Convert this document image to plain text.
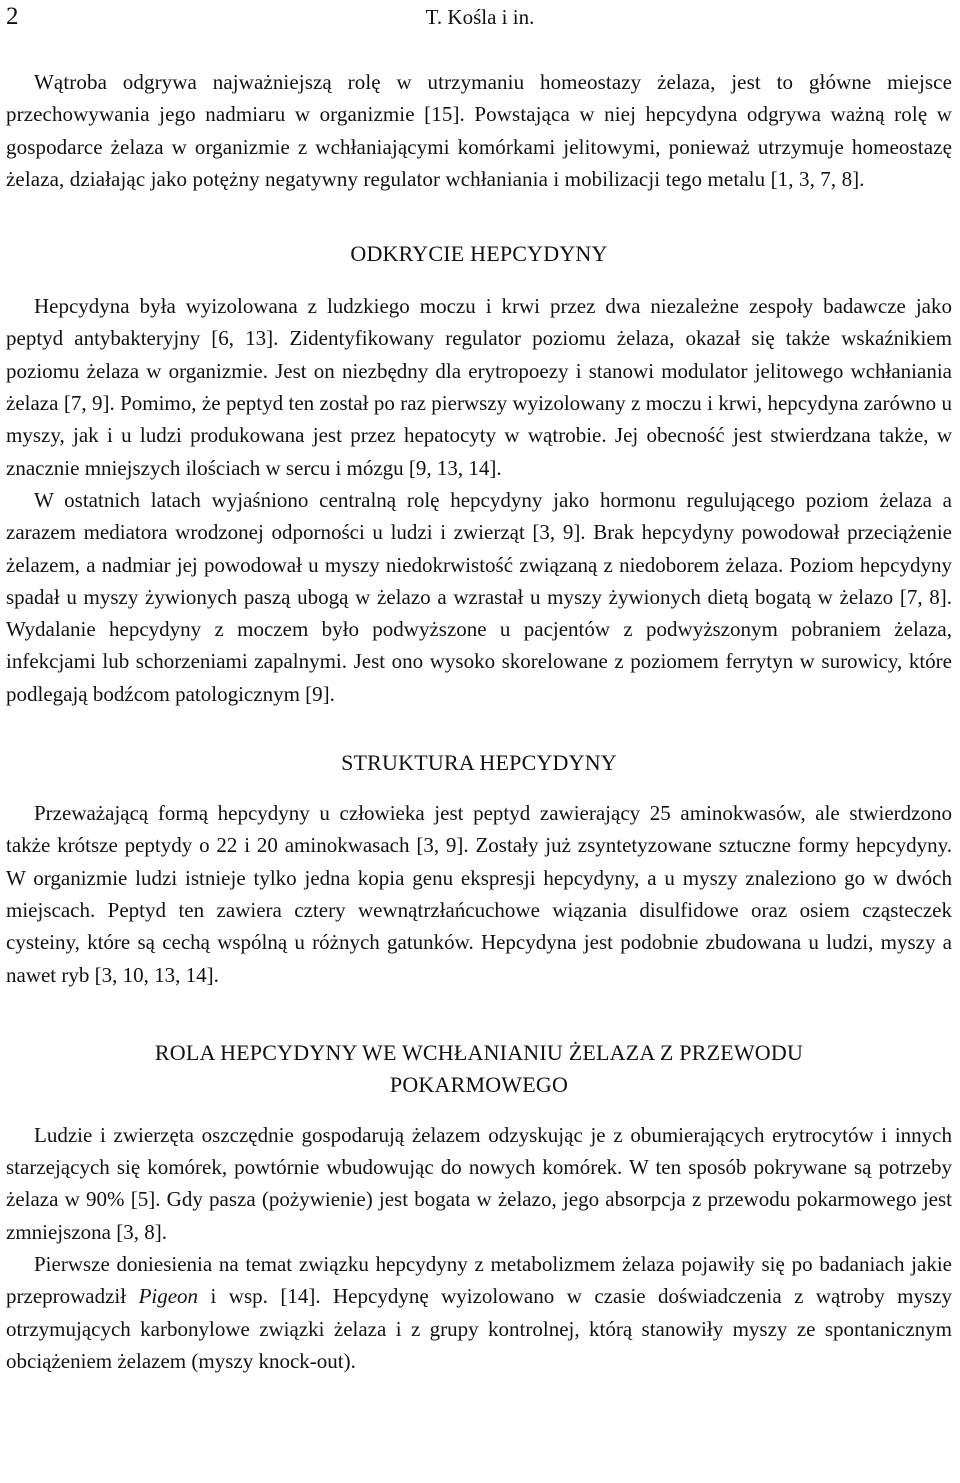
2	T. Kośla i in.

Wątroba odgrywa najważniejszą rolę w utrzymaniu homeostazy żelaza, jest to główne miejsce przechowywania jego nadmiaru w organizmie [15]. Powstająca w niej hepcydyna odgrywa ważną rolę w gospodarce żelaza w organizmie z wchłaniającymi komórkami jelitowymi, ponieważ utrzymuje homeostazę żelaza, działając jako potężny negatywny regulator wchłaniania i mobilizacji tego metalu [1, 3, 7, 8].

ODKRYCIE HEPCYDYNY

Hepcydyna była wyizolowana z ludzkiego moczu i krwi przez dwa niezależne zespoły badawcze jako peptyd antybakteryjny [6, 13]. Zidentyfikowany regulator poziomu żelaza, okazał się także wskaźnikiem poziomu żelaza w organizmie. Jest on niezbędny dla erytropoezy i stanowi modulator jelitowego wchłaniania żelaza [7, 9]. Pomimo, że peptyd ten został po raz pierwszy wyizolowany z moczu i krwi, hepcydyna zarówno u myszy, jak i u ludzi produkowana jest przez hepatocyty w wątrobie. Jej obecność jest stwierdzana także, w znacznie mniejszych ilościach w sercu i mózgu [9, 13, 14].

W ostatnich latach wyjaśniono centralną rolę hepcydyny jako hormonu regulującego poziom żelaza a zarazem mediatora wrodzonej odporności u ludzi i zwierząt [3, 9]. Brak hepcydyny powodował przeciążenie żelazem, a nadmiar jej powodował u myszy niedokrwistość związaną z niedoborem żelaza. Poziom hepcydyny spadał u myszy żywionych paszą ubogą w żelazo a wzrastał u myszy żywionych dietą bogatą w żelazo [7, 8]. Wydalanie hepcydyny z moczem było podwyższone u pacjentów z podwyższonym pobraniem żelaza, infekcjami lub schorzeniami zapalnymi. Jest ono wysoko skorelowane z poziomem ferrytyn w surowicy, które podlegają bodźcom patologicznym [9].

STRUKTURA HEPCYDYNY

Przeważającą formą hepcydyny u człowieka jest peptyd zawierający 25 aminokwasów, ale stwierdzono także krótsze peptydy o 22 i 20 aminokwasach [3, 9]. Zostały już zsyntetyzowane sztuczne formy hepcydyny. W organizmie ludzi istnieje tylko jedna kopia genu ekspresji hepcydyny, a u myszy znaleziono go w dwóch miejscach. Peptyd ten zawiera cztery wewnątrzłańcuchowe wiązania disulfidowe oraz osiem cząsteczek cysteiny, które są cechą wspólną u różnych gatunków. Hepcydyna jest podobnie zbudowana u ludzi, myszy a nawet ryb [3, 10, 13, 14].

ROLA HEPCYDYNY WE WCHŁANIANIU ŻELAZA Z PRZEWODU
POKARMOWEGO

Ludzie i zwierzęta oszczędnie gospodarują żelazem odzyskując je z obumierających erytrocytów i innych starzejących się komórek, powtórnie wbudowując do nowych komórek. W ten sposób pokrywane są potrzeby żelaza w 90% [5]. Gdy pasza (pożywienie) jest bogata w żelazo, jego absorpcja z przewodu pokarmowego jest zmniejszona [3, 8].

Pierwsze doniesienia na temat związku hepcydyny z metabolizmem żelaza pojawiły się po badaniach jakie przeprowadził Pigeon i wsp. [14]. Hepcydynę wyizolowano w czasie doświadczenia z wątroby myszy otrzymujących karbonylowe związki żelaza i z grupy kontrolnej, którą stanowiły myszy ze spontanicznym obciążeniem żelazem (myszy knock-out).
